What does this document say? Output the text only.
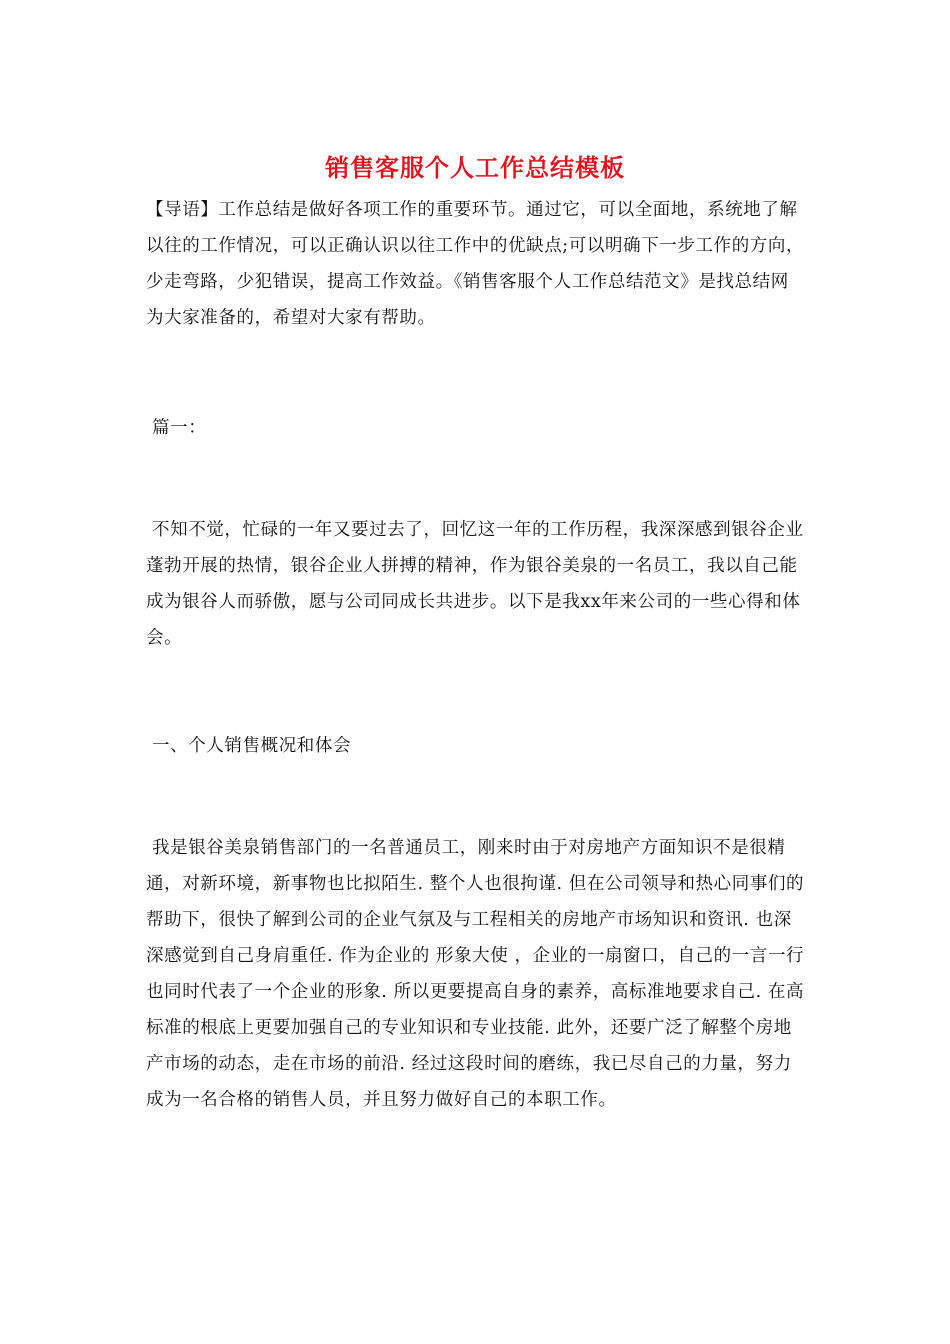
销售客服个人工作总结模板
【导语】工作总结是做好各项工作的重要环节。通过它，可以全面地，系统地了解以往的工作情况，可以正确认识以往工作中的优缺点;可以明确下一步工作的方向，少走弯路，少犯错误，提高工作效益。《销售客服个人工作总结范文》是找总结网为大家准备的，希望对大家有帮助。
篇一：
不知不觉，忙碌的一年又要过去了，回忆这一年的工作历程，我深深感到银谷企业蓬勃开展的热情，银谷企业人拼搏的精神，作为银谷美泉的一名员工，我以自己能成为银谷人而骄傲，愿与公司同成长共进步。以下是我xx年来公司的一些心得和体会。
一、个人销售概况和体会
我是银谷美泉销售部门的一名普通员工，刚来时由于对房地产方面知识不是很精通，对新环境，新事物也比拟陌生. 整个人也很拘谨. 但在公司领导和热心同事们的帮助下，很快了解到公司的企业气氛及与工程相关的房地产市场知识和资讯. 也深深感觉到自己身肩重任. 作为企业的 形象大使 ，企业的一扇窗口，自己的一言一行也同时代表了一个企业的形象. 所以更要提高自身的素养，高标准地要求自己. 在高标准的根底上更要加强自己的专业知识和专业技能. 此外，还要广泛了解整个房地产市场的动态，走在市场的前沿. 经过这段时间的磨练，我已尽自己的力量，努力成为一名合格的销售人员，并且努力做好自己的本职工作。
